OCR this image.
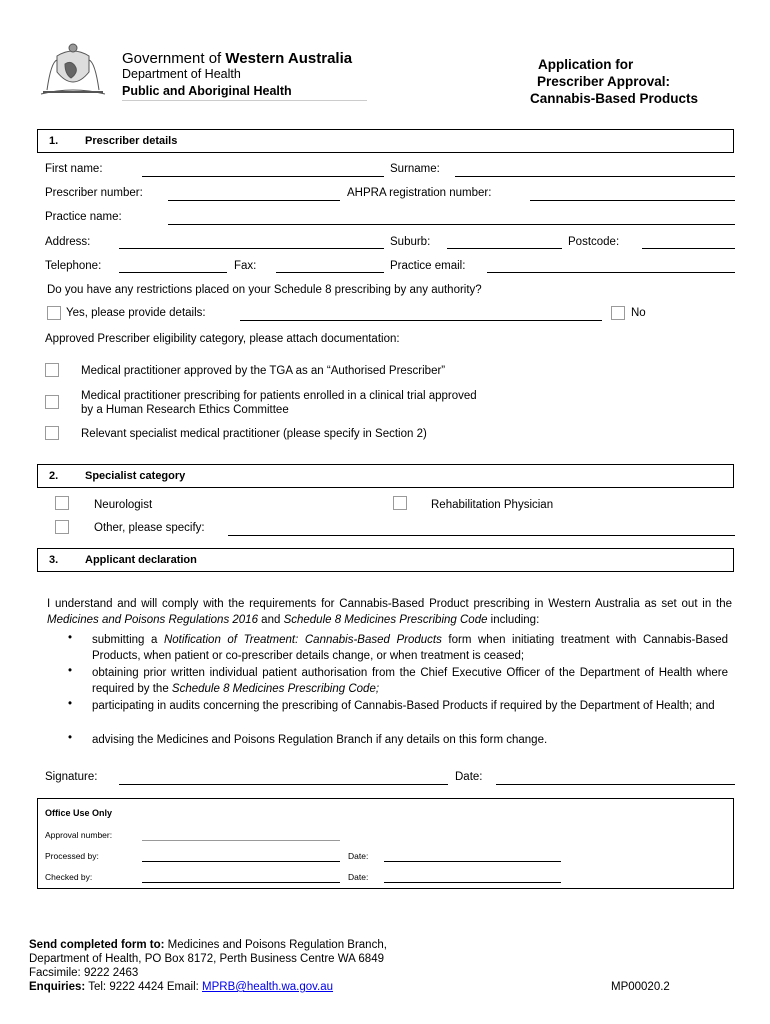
Government of Western Australia
Department of Health
Public and Aboriginal Health
Application for
Prescriber Approval:
Cannabis-Based Products
1. Prescriber details
First name:	Surname:
Prescriber number:	AHPRA registration number:
Practice name:
Address:	Suburb:	Postcode:
Telephone:	Fax:	Practice email:
Do you have any restrictions placed on your Schedule 8 prescribing by any authority?
Yes, please provide details:	No
Approved Prescriber eligibility category, please attach documentation:
Medical practitioner approved by the TGA as an “Authorised Prescriber”
Medical practitioner prescribing for patients enrolled in a clinical trial approved
by a Human Research Ethics Committee
Relevant specialist medical practitioner (please specify in Section 2)
2. Specialist category
Neurologist	Rehabilitation Physician
Other, please specify:
3. Applicant declaration
I understand and will comply with the requirements for Cannabis-Based Product prescribing in Western Australia as set out in the Medicines and Poisons Regulations 2016 and Schedule 8 Medicines Prescribing Code including:
• submitting a Notification of Treatment: Cannabis-Based Products form when initiating treatment with Cannabis-Based Products, when patient or co-prescriber details change, or when treatment is ceased;
• obtaining prior written individual patient authorisation from the Chief Executive Officer of the Department of Health where required by the Schedule 8 Medicines Prescribing Code;
• participating in audits concerning the prescribing of Cannabis-Based Products if required by the Department of Health; and
• advising the Medicines and Poisons Regulation Branch if any details on this form change.
Signature:	Date:
Office Use Only
Approval number:
Processed by:	Date:
Checked by:	Date:
Send completed form to: Medicines and Poisons Regulation Branch,
Department of Health, PO Box 8172, Perth Business Centre WA 6849
Facsimile: 9222 2463
Enquiries: Tel: 9222 4424 Email: MPRB@health.wa.gov.au	MP00020.2
